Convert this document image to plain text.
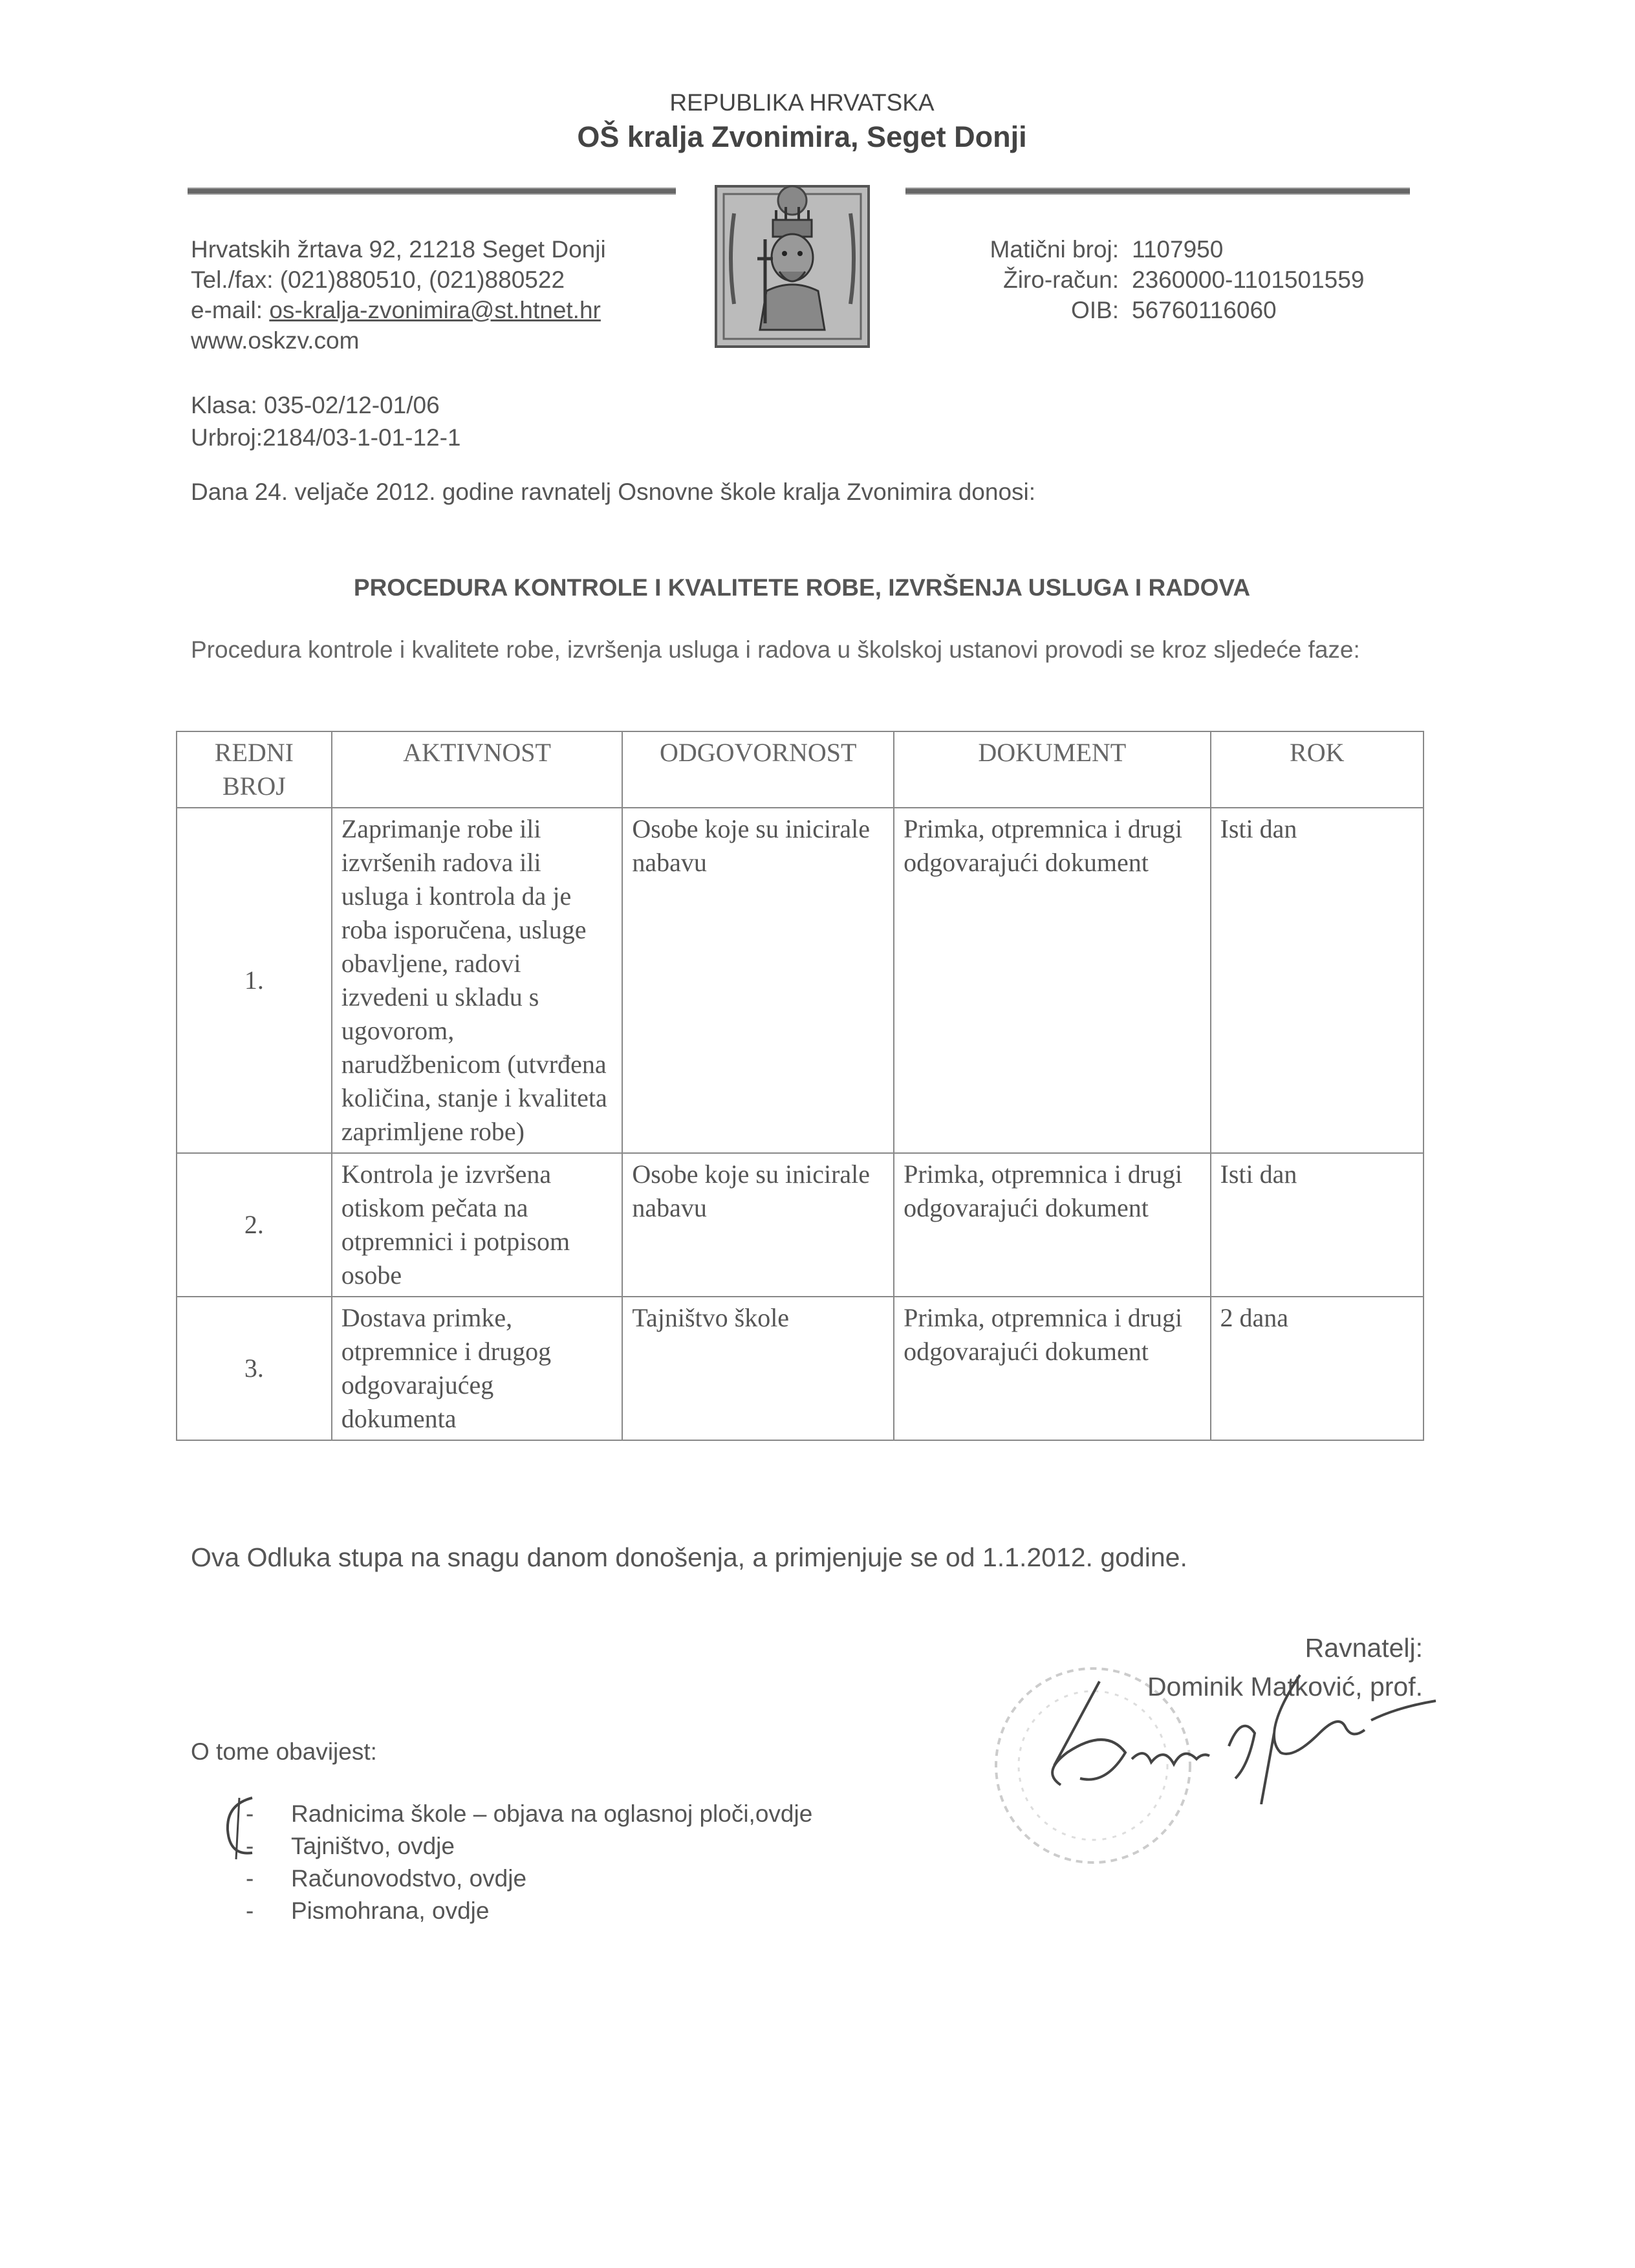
REPUBLIKA HRVATSKA
OŠ kralja Zvonimira, Seget Donji
Hrvatskih žrtava 92, 21218 Seget Donji
Tel./fax: (021)880510, (021)880522
e-mail: os-kralja-zvonimira@st.htnet.hr
www.oskzv.com
Matični broj: 1107950
Žiro-račun: 2360000-1101501559
OIB: 56760116060
Klasa: 035-02/12-01/06
Urbroj:2184/03-1-01-12-1
Dana 24. veljače 2012. godine ravnatelj Osnovne škole kralja Zvonimira donosi:
PROCEDURA KONTROLE I KVALITETE ROBE, IZVRŠENJA USLUGA I RADOVA
Procedura kontrole i kvalitete robe, izvršenja usluga i radova u školskoj ustanovi provodi se kroz sljedeće faze:
REDNI BROJ	AKTIVNOST	ODGOVORNOST	DOKUMENT	ROK
1.	Zaprimanje robe ili izvršenih radova ili usluga i kontrola da je roba isporučena, usluge obavljene, radovi izvedeni u skladu s ugovorom, narudžbenicom (utvrđena količina, stanje i kvaliteta zaprimljene robe)	Osobe koje su inicirale nabavu	Primka, otpremnica i drugi odgovarajući dokument	Isti dan
2.	Kontrola je izvršena otiskom pečata na otpremnici i potpisom osobe	Osobe koje su inicirale nabavu	Primka, otpremnica i drugi odgovarajući dokument	Isti dan
3.	Dostava primke, otpremnice i drugog odgovarajućeg dokumenta	Tajništvo škole	Primka, otpremnica i drugi odgovarajući dokument	2 dana
Ova Odluka stupa na snagu danom donošenja, a primjenjuje se od 1.1.2012. godine.
Ravnatelj:
Dominik Matković, prof.
O tome obavijest:
-	Radnicima škole – objava na oglasnoj ploči,ovdje
-	Tajništvo, ovdje
-	Računovodstvo, ovdje
-	Pismohrana, ovdje
